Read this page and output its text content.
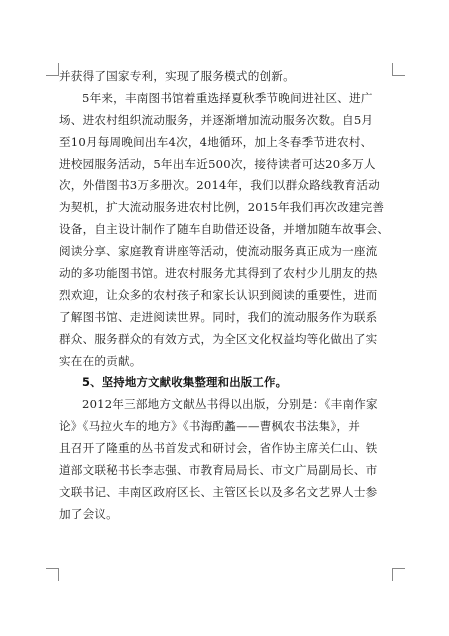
并获得了国家专利，实现了服务模式的创新。
5年来，丰南图书馆着重选择夏秋季节晚间进社区、进广
场、进农村组织流动服务，并逐渐增加流动服务次数。自5月
至10月每周晚间出车4次，4地循环，加上冬春季节进农村、
进校园服务活动，5年出车近500次，接待读者可达20多万人
次，外借图书3万多册次。2014年，我们以群众路线教育活动
为契机，扩大流动服务进农村比例，2015年我们再次改建完善
设备，自主设计制作了随车自助借还设备，并增加随车故事会、
阅读分享、家庭教育讲座等活动，使流动服务真正成为一座流
动的多功能图书馆。进农村服务尤其得到了农村少儿朋友的热
烈欢迎，让众多的农村孩子和家长认识到阅读的重要性，进而
了解图书馆、走进阅读世界。同时，我们的流动服务作为联系
群众、服务群众的有效方式，为全区文化权益均等化做出了实
实在在的贡献。
5、坚持地方文献收集整理和出版工作。
2012年三部地方文献丛书得以出版，分别是：《丰南作家
论》《马拉火车的地方》《书海酌蠡——曹枫农书法集》，并
且召开了隆重的丛书首发式和研讨会，省作协主席关仁山、铁
道部文联秘书长李志强、市教育局局长、市文广局副局长、市
文联书记、丰南区政府区长、主管区长以及多名文艺界人士参
加了会议。
